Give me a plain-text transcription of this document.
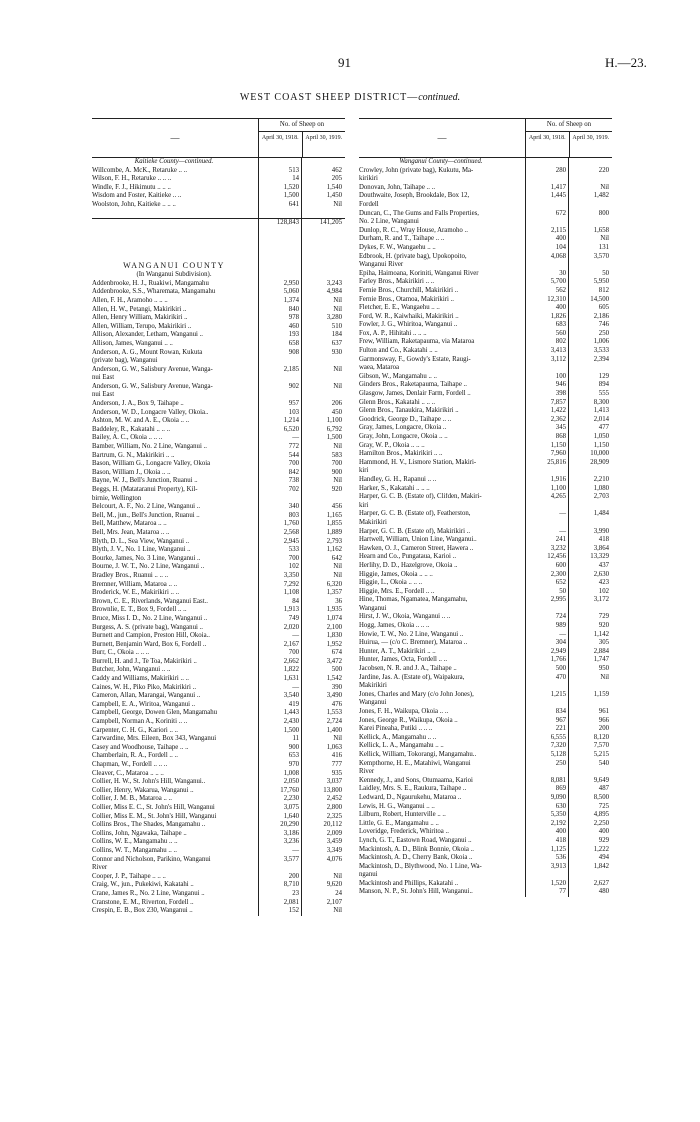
91	H.—23.
WEST COAST SHEEP DISTRICT—continued.
—
No. of Sheep on
April 30, 1918.	April 30, 1919.
Kaitieke County—continued.
Willcombe, A. McK., Retaruke .. ..	513	462
Wilson, F. H., Retaruke .. .. ..	14	205
Windle, F. J., Hikimutu .. .. ..	1,520	1,540
Wisdom and Foster, Kaitieke .. ..	1,500	1,450
Woolston, John, Kaitieke .. .. ..	641	Nil
128,843	141,205
WANGANUI COUNTY
(In Wanganui Subdivision).
Addenbrooke, H. J., Ruakiwi, Mangamahu	2,950	3,243
Addenbrooke, S.S., Wharemata, Mangamahu	5,060	4,984
Allen, F. H., Aramoho .. .. ..	1,374	Nil
Allen, H. W., Petangi, Makirikiri ..	840	Nil
Allen, Henry William, Makirikiri ..	978	3,280
Allen, William, Terupo, Makirikiri ..	460	510
Allison, Alexander, Letham, Wanganui ..	193	184
Allison, James, Wanganui .. ..	658	637
Anderson, A. G., Mount Rowan, Kukuta	908	930
(private bag), Wanganui
Anderson, G. W., Salisbury Avenue, Wanga-	2,185	Nil
nui East
Anderson, G. W., Salisbury Avenue, Wanga-	902	Nil
nui East
Anderson, J. A., Box 9, Taihape ..	957	206
Anderson, W. D., Longacre Valley, Okoia..	103	450
Ashton, M. W. and A. E., Okoia .. ..	1,214	1,100
Baddeley, R., Kakatahi .. .. ..	6,520	6,792
Bailey, A. C., Okoia .. .. ..	—	1,500
Bamber, William, No. 2 Line, Wanganui ..	772	Nil
Bartrum, G. N., Makirikiri .. ..	544	583
Bason, William G., Longacre Valley, Okoia	700	700
Bason, William J., Okoia .. ..	842	900
Bayne, W. J., Bell's Junction, Ruanui ..	738	Nil
Beggs, H. (Matataranui Property), Kil-	702	920
birnie, Wellington
Belcourt, A. F., No. 2 Line, Wanganui ..	340	456
Bell, M., jun., Bell's Junction, Ruanui ..	803	1,165
Bell, Matthew, Mataroa .. ..	1,760	1,855
Bell, Mrs. Jean, Mataroa .. ..	2,568	1,889
Blyth, D. L., Sea View, Wanganui ..	2,945	2,793
Blyth, J. V., No. 1 Line, Wanganui ..	533	1,162
Bourke, James, No. 3 Line, Wanganui ..	700	642
Bourne, J. W. T., No. 2 Line, Wanganui ..	102	Nil
Bradley Bros., Ruanui .. .. ..	3,350	Nil
Bremner, William, Mataroa .. ..	7,292	6,320
Broderick, W. E., Makirikiri .. ..	1,108	1,357
Brown, C. E., Riverlands, Wanganui East..	84	36
Brownlie, E. T., Box 9, Fordell .. ..	1,913	1,935
Bruce, Miss I. D., No. 2 Line, Wanganui ..	749	1,074
Burgess, A. S. (private bag), Wanganui ..	2,020	2,100
Burnett and Campion, Preston Hill, Okoia..	—	1,830
Burnett, Benjamin Ward, Box 6, Fordell ..	2,167	1,952
Burr, C., Okoia .. .. ..	700	674
Burrell, H. and J., Te Toa, Makirikiri ..	2,662	3,472
Butcher, John, Wanganui .. ..	1,822	500
Caddy and Williams, Makirikiri .. ..	1,631	1,542
Caines, W. H., Piko Piko, Makirikiri ..	—	390
Cameron, Allan, Marangai, Wanganui ..	3,540	3,490
Campbell, E. A., Wiritoa, Wanganui ..	419	476
Campbell, George, Dowen Glen, Mangamahu	1,443	1,553
Campbell, Norman A., Koriniti .. ..	2,430	2,724
Carpenter, C. H. G., Kariori .. ..	1,500	1,400
Carwardine, Mrs. Eileen, Box 343, Wanganui	11	Nil
Casey and Woodhouse, Taihape .. ..	900	1,063
Chamberlain, R. A., Fordell .. ..	653	416
Chapman, W., Fordell .. .. ..	970	777
Cleaver, C., Mataroa .. .. ..	1,008	935
Collier, H. W., St. John's Hill, Wanganui..	2,050	3,037
Collier, Henry, Wakarua, Wanganui ..	17,760	13,800
Collier, J. M. B., Mataroa .. ..	2,230	2,452
Collier, Miss E. C., St. John's Hill, Wanganui	3,075	2,800
Collier, Miss E. M., St. John's Hill, Wanganui	1,640	2,325
Collins Bros., The Shades, Mangamahu ..	20,290	20,112
Collins, John, Ngawaka, Taihape ..	3,186	2,009
Collins, W. E., Mangamahu .. ..	3,236	3,459
Collins, W. T., Mangamahu .. ..	—	3,349
Connor and Nicholson, Parikino, Wanganui	3,577	4,076
River
Cooper, J. P., Taihape .. .. ..	200	Nil
Craig, W., jun., Pukekiwi, Kakatahi ..	8,710	9,620
Crane, James R., No. 2 Line, Wanganui ..	23	24
Cranstone, E. M., Riverton, Fordell ..	2,081	2,107
Crespin, E. B., Box 230, Wanganui ..	152	Nil
—
No. of Sheep on
April 30, 1918.	April 30, 1919.
Wanganui County—continued.
Crowley, John (private bag), Kukutu, Ma-	280	220
kirikiri
Donovan, John, Taihape .. ..	1,417	Nil
Douthwaite, Joseph, Brookdale, Box 12,	1,445	1,482
Fordell
Duncan, C., The Gums and Falls Properties,	672	800
No. 2 Line, Wanganui
Dunlop, R. C., Wray House, Aramoho ..	2,115	1,658
Durham, R. and T., Taihape .. ..	400	Nil
Dykes, F. W., Wangaehu .. ..	104	131
Edbrook, H. (private bag), Upokopoito,	4,068	3,570
Wanganui River
Epiha, Haimoana, Koriniti, Wanganui River	30	50
Farley Bros., Makirikiri .. ..	5,700	5,950
Fernie Bros., Churchill, Makirikiri ..	562	812
Fernie Bros., Otamoa, Makirikiri ..	12,310	14,500
Fletcher, E. E., Wangaehu .. ..	400	605
Ford, W. R., Kaiwhaiki, Makirikiri ..	1,826	2,186
Fowler, J. G., Whiritoa, Wanganui ..	683	746
Fox, A. P., Hihitahi .. .. ..	560	250
Frew, William, Raketapauma, via Mataroa	802	1,006
Fulton and Co., Kakatahi .. ..	3,413	3,533
Garmonsway, F., Gowdy's Estate, Raugi-	3,112	2,394
waea, Mataroa
Gibson, W., Mangamahu .. ..	100	129
Ginders Bros., Raketapauma, Taihape ..	946	894
Glasgow, James, Denlair Farm, Fordell ..	398	555
Glenn Bros., Kakatahi .. .. ..	7,857	8,300
Glenn Bros., Tanaukira, Makirikiri ..	1,422	1,413
Goodrick, George D., Taihape .. ..	2,362	2,014
Gray, James, Longacre, Okoia ..	345	477
Gray, John, Longacre, Okoia .. ..	868	1,050
Gray, W. P., Okoia .. .. ..	1,150	1,150
Hamilton Bros., Makirikiri .. ..	7,960	10,000
Hammond, H. V., Lismore Station, Makiri-	25,816	28,909
kiri
Handley, G. H., Rapanui .. ..	1,916	2,210
Harker, S., Kakatahi .. .. ..	1,100	1,080
Harper, G. C. B. (Estate of), Clifden, Makiri-	4,265	2,703
kiri
Harper, G. C. B. (Estate of), Featherston,	—	1,484
Makirikiri
Harper, G. C. B. (Estate of), Makirikiri ..	—	3,990
Hartwell, William, Union Line, Wanganui..	241	418
Hawken, O. J., Cameron Street, Hawera ..	3,232	3,864
Hearn and Co., Pungataua, Karioi ..	12,456	13,329
Herlihy, D. D., Hazelgrove, Okoia ..	600	437
Higgie, James, Okoia .. .. ..	2,300	2,630
Higgie, L., Okoia .. .. ..	652	423
Higgie, Mrs. E., Fordell .. ..	50	102
Hine, Thomas, Ngamatea, Mangamahu,	2,995	3,172
Wanganui
Hirst, J. W., Okoia, Wanganui .. ..	724	729
Hogg, James, Okoia .. .. ..	989	920
Howie, T. W., No. 2 Line, Wanganui ..	—	1,142
Huirua, — (c/o C. Bremner), Mataroa ..	304	305
Hunter, A. T., Makirikiri .. ..	2,949	2,884
Hunter, James, Octa, Fordell .. ..	1,766	1,747
Jacobsen, N. R. and J. A., Taihape ..	500	950
Jardine, Jas. A. (Estate of), Waipakura,	470	Nil
Makirikiri
Jones, Charles and Mary (c/o John Jones),	1,215	1,159
Wanganui
Jones, F. H., Waikupa, Okoia .. ..	834	961
Jones, George R., Waikupa, Okoia ..	967	966
Karei Pineaha, Putiki .. .. ..	221	200
Kellick, A., Mangamahu .. ..	6,555	8,120
Kellick, L. A., Mangamahu .. ..	7,320	7,570
Kellick, William, Tokorangi, Mangamahu..	5,128	5,215
Kempthorne, H. E., Matahiwi, Wanganui	250	540
River
Kennedy, J., and Sons, Otumaama, Karioi	8,081	9,649
Laidley, Mrs. S. E., Raukura, Taihape ..	869	487
Ledward, D., Ngaurukehu, Mataroa ..	9,090	8,500
Lewis, H. G., Wanganui .. ..	630	725
Lilburn, Robert, Hunterville .. ..	5,350	4,895
Little, G. E., Mangamahu .. ..	2,192	2,250
Loveridge, Frederick, Whiritoa ..	400	400
Lynch, G. T., Eastown Road, Wanganui ..	418	929
Mackintosh, A. D., Blink Bonnie, Okoia ..	1,125	1,222
Mackintosh, A. D., Cherry Bank, Okoia ..	536	494
Mackintosh, D., Blythwood, No. 1 Line, Wa-	3,913	1,842
nganui
Mackintosh and Phillips, Kakatahi ..	1,520	2,627
Manson, N. P., St. John's Hill, Wanganui..	77	480
